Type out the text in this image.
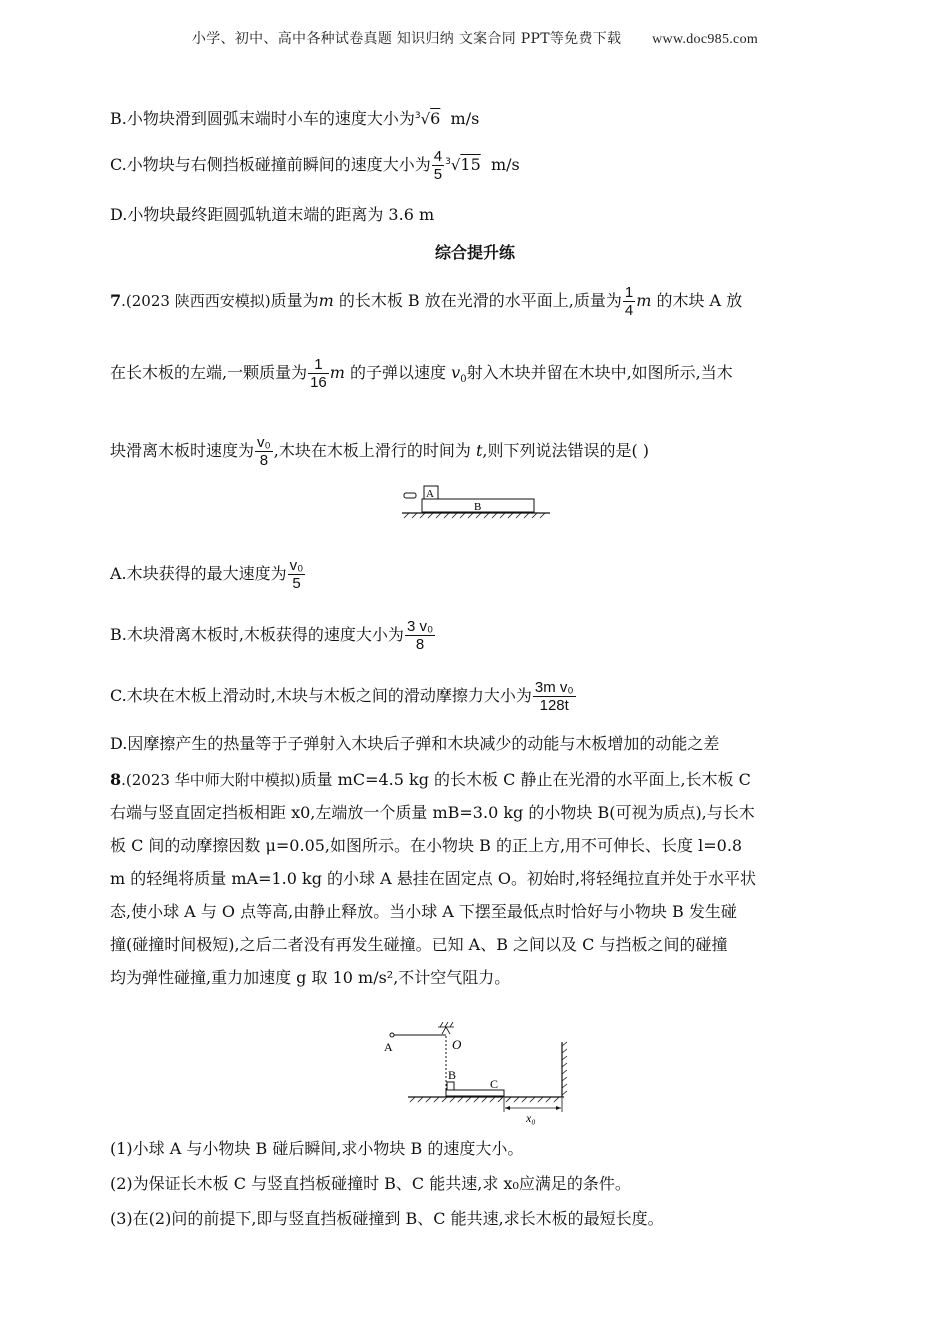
小学、初中、高中各种试卷真题 知识归纳 文案合同 PPT等免费下载 www.doc985.com
B.小物块滑到圆弧末端时小车的速度大小为$^3$√6 m/s
C.小物块与右侧挡板碰撞前瞬间的速度大小为 $\frac{4}{5} ^3√15$ m/s
D.小物块最终距圆弧轨道末端的距离为 3.6 m
综合提升练
7.(2023 陕西西安模拟)质量为m 的长木板 B 放在光滑的水平面上,质量为 $\frac{1}{4}$ m 的木块 A 放
在长木板的左端,一颗质量为 $\frac{1}{16}$ m 的子弹以速度 $v_0$射入木块并留在木块中,如图所示,当木
块滑离木板时速度为 $\frac{\text{v₀}}{8}$ ,木块在木板上滑行的时间为 t,则下列说法错误的是( )
A
B
A.木块获得的最大速度为 $\frac{\text{v₀}}{5}$
B.木块滑离木板时,木板获得的速度大小为 $\frac{\text{3 v₀}}{8}$
C.木块在木板上滑动时,木块与木板之间的滑动摩擦力大小为 $\frac{\text{3m v₀}}{128t}$
D.因摩擦产生的热量等于子弹射入木块后子弹和木块减少的动能与木板增加的动能之差
8.(2023 华中师大附中模拟)质量 mC=4.5 kg 的长木板 C 静止在光滑的水平面上,长木板 C
右端与竖直固定挡板相距 x0,左端放一个质量 mB=3.0 kg 的小物块 B(可视为质点),与长木
板 C 间的动摩擦因数 μ=0.05,如图所示。在小物块 B 的正上方,用不可伸长、长度 l=0.8
m 的轻绳将质量 mA=1.0 kg 的小球 A 悬挂在固定点 O。初始时,将轻绳拉直并处于水平状
态,使小球 A 与 O 点等高,由静止释放。当小球 A 下摆至最低点时恰好与小物块 B 发生碰
撞(碰撞时间极短),之后二者没有再发生碰撞。已知 A、B 之间以及 C 与挡板之间的碰撞
均为弹性碰撞,重力加速度 g 取 10 m/s²,不计空气阻力。
A	O
B
C
x₀
(1)小球 A 与小物块 B 碰后瞬间,求小物块 B 的速度大小。
(2)为保证长木板 C 与竖直挡板碰撞时 B、C 能共速,求 x₀应满足的条件。
(3)在(2)问的前提下,即与竖直挡板碰撞到 B、C 能共速,求长木板的最短长度。
